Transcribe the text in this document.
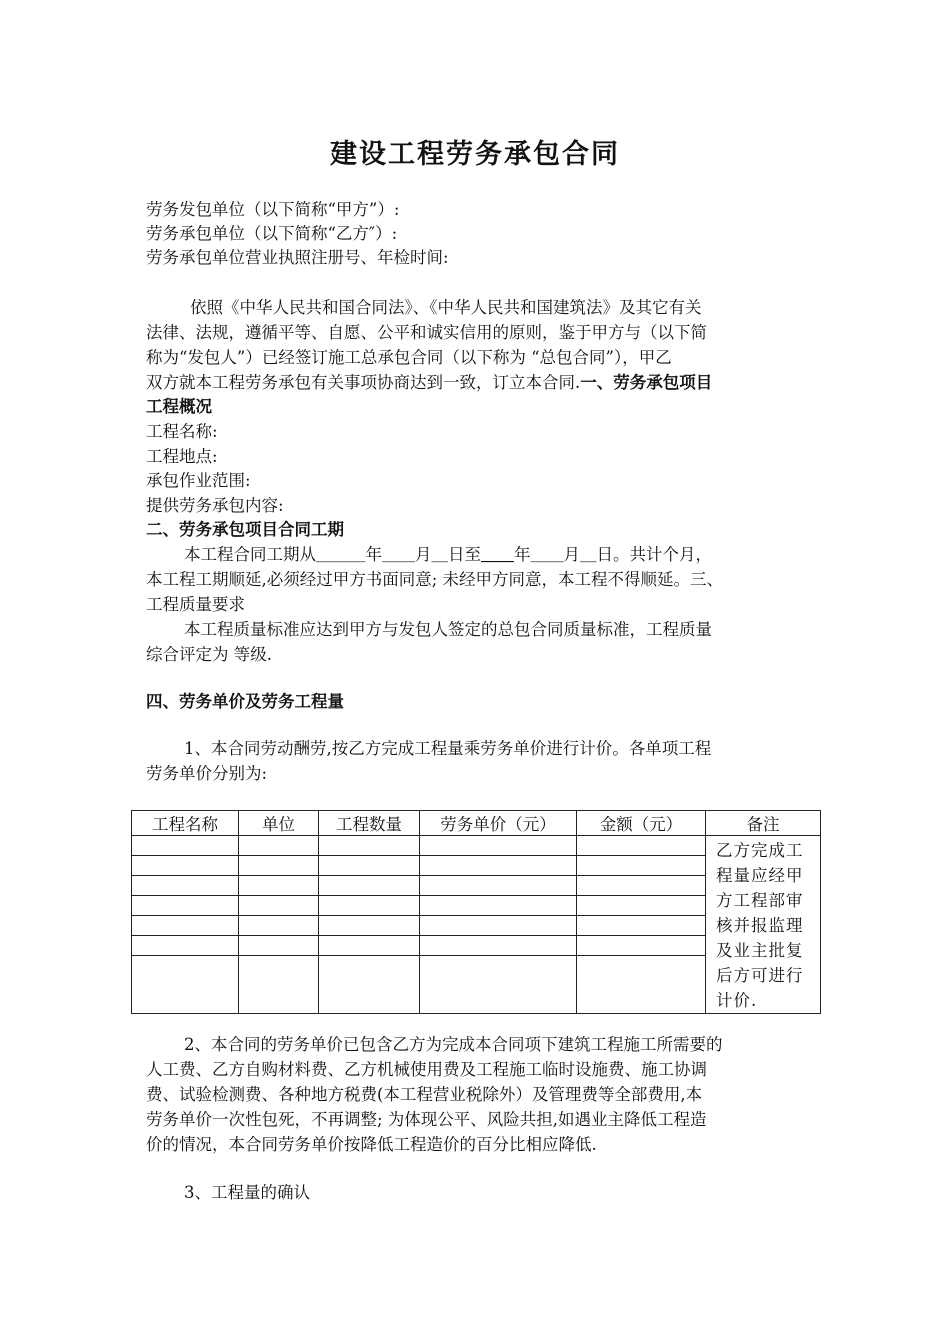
建设工程劳务承包合同
劳务发包单位（以下简称“甲方”）:
劳务承包单位（以下简称“乙方″）:
劳务承包单位营业执照注册号、年检时间:
依照《中华人民共和国合同法》、《中华人民共和国建筑法》及其它有关
法律、法规，遵循平等、自愿、公平和诚实信用的原则，鉴于甲方与（以下简
称为“发包人”）已经签订施工总承包合同（以下称为 “总包合同”），甲乙
双方就本工程劳务承包有关事项协商达到一致，订立本合同.一、劳务承包项目
工程概况
工程名称:
工程地点:
承包作业范围:
提供劳务承包内容:
二、劳务承包项目合同工期
本工程合同工期从＿＿＿年＿＿月＿日至＿＿年＿＿月＿日。共计个月，
本工程工期顺延,必须经过甲方书面同意; 未经甲方同意，本工程不得顺延。三、
工程质量要求
本工程质量标准应达到甲方与发包人签定的总包合同质量标准，工程质量
综合评定为 等级.
四、劳务单价及劳务工程量
1、本合同劳动酬劳,按乙方完成工程量乘劳务单价进行计价。各单项工程
劳务单价分别为:
工程名称	单位	工程数量	劳务单价（元）	金额（元）	备注
					乙方完成工程量应经甲方工程部审核并报监理及业主批复后方可进行计价.

2、本合同的劳务单价已包含乙方为完成本合同项下建筑工程施工所需要的
人工费、乙方自购材料费、乙方机械使用费及工程施工临时设施费、施工协调
费、试验检测费、各种地方税费(本工程营业税除外）及管理费等全部费用,本
劳务单价一次性包死，不再调整; 为体现公平、风险共担,如遇业主降低工程造
价的情况，本合同劳务单价按降低工程造价的百分比相应降低.
3、工程量的确认
